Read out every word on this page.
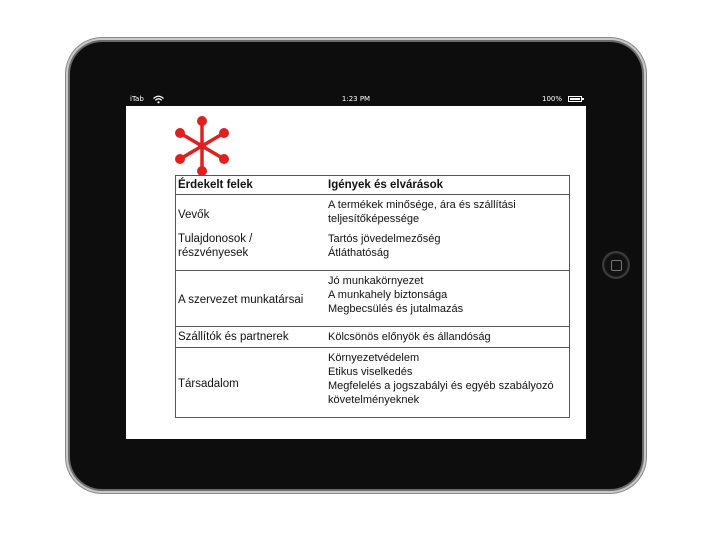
iTab	1:23 PM	100%
Érdekelt felek	Igények és elvárások
Vevők	A termékek minősége, ára és szállítási teljesítőképessége
Tulajdonosok / részvényesek	Tartós jövedelmezőség
Átláthatóság

A szervezet munkatársai	Jó munkakörnyezet
A munkahely biztonsága
Megbecsülés és jutalmazás

Szállítók és partnerek	Kölcsönös előnyök és állandóság
Társadalom	Környezetvédelem
Etikus viselkedés
Megfelelés a jogszabályi és egyéb szabályozó követelményeknek
